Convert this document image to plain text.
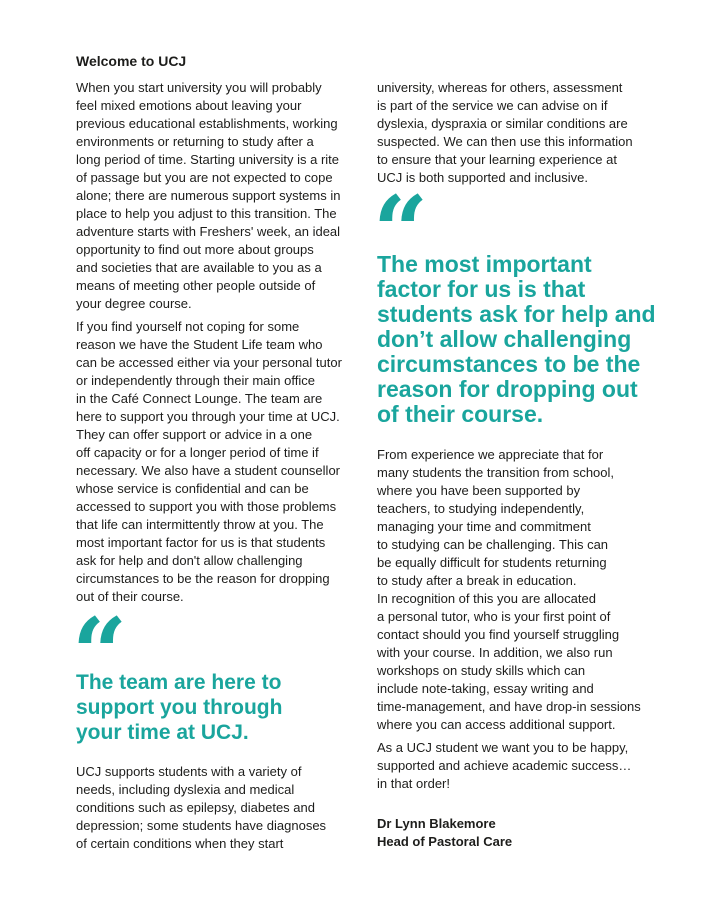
Welcome to UCJ
When you start university you will probably
feel mixed emotions about leaving your
previous educational establishments, working
environments or returning to study after a
long period of time. Starting university is a rite
of passage but you are not expected to cope
alone; there are numerous support systems in
place to help you adjust to this transition. The
adventure starts with Freshers' week, an ideal
opportunity to find out more about groups
and societies that are available to you as a
means of meeting other people outside of
your degree course.
If you find yourself not coping for some
reason we have the Student Life team who
can be accessed either via your personal tutor
or independently through their main office
in the Café Connect Lounge. The team are
here to support you through your time at UCJ.
They can offer support or advice in a one
off capacity or for a longer period of time if
necessary. We also have a student counsellor
whose service is confidential and can be
accessed to support you with those problems
that life can intermittently throw at you. The
most important factor for us is that students
ask for help and don't allow challenging
circumstances to be the reason for dropping
out of their course.
“
The team are here to
support you through
your time at UCJ.
UCJ supports students with a variety of
needs, including dyslexia and medical
conditions such as epilepsy, diabetes and
depression; some students have diagnoses
of certain conditions when they start
university, whereas for others, assessment
is part of the service we can advise on if
dyslexia, dyspraxia or similar conditions are
suspected. We can then use this information
to ensure that your learning experience at
UCJ is both supported and inclusive.
“
The most important
factor for us is that
students ask for help and
don’t allow challenging
circumstances to be the
reason for dropping out
of their course.
From experience we appreciate that for
many students the transition from school,
where you have been supported by
teachers, to studying independently,
managing your time and commitment
to studying can be challenging. This can
be equally difficult for students returning
to study after a break in education.
In recognition of this you are allocated
a personal tutor, who is your first point of
contact should you find yourself struggling
with your course. In addition, we also run
workshops on study skills which can
include note-taking, essay writing and
time-management, and have drop-in sessions
where you can access additional support.
As a UCJ student we want you to be happy,
supported and achieve academic success…
in that order!
Dr Lynn Blakemore
Head of Pastoral Care
